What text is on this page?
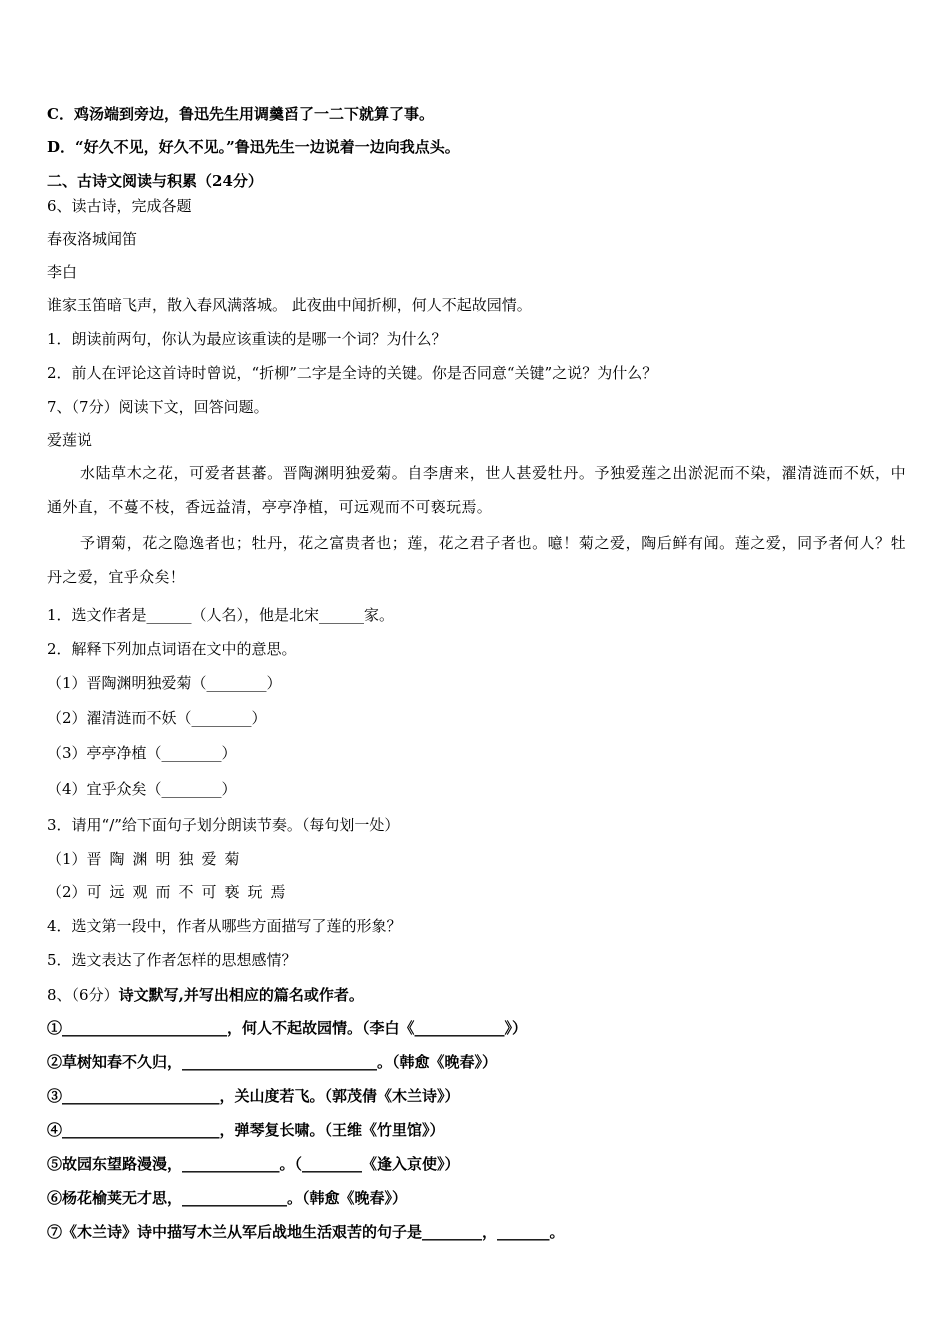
C．鸡汤端到旁边，鲁迅先生用调羹舀了一二下就算了事。
D．“好久不见，好久不见。”鲁迅先生一边说着一边向我点头。
二、古诗文阅读与积累（24分）
6、读古诗，完成各题
春夜洛城闻笛
李白
谁家玉笛暗飞声，散入春风满落城。 此夜曲中闻折柳，何人不起故园情。
1．朗读前两句，你认为最应该重读的是哪一个词？为什么？
2．前人在评论这首诗时曾说，“折柳”二字是全诗的关键。你是否同意“关键”之说？为什么？
7、（7分）阅读下文，回答问题。
爱莲说
水陆草木之花，可爱者甚蕃。晋陶渊明独爱菊。自李唐来，世人甚爱牡丹。予独爱莲之出淤泥而不染，濯清涟而不妖，中通外直，不蔓不枝，香远益清，亭亭净植，可远观而不可亵玩焉。
予谓菊，花之隐逸者也；牡丹，花之富贵者也；莲，花之君子者也。噫！菊之爱，陶后鲜有闻。莲之爱，同予者何人？牡丹之爱，宜乎众矣！
1．选文作者是______（人名），他是北宋______家。
2．解释下列加点词语在文中的意思。
（1）晋陶渊明独爱菊（________）
（2）濯清涟而不妖（________）
（3）亭亭净植（________）
（4）宜乎众矣（________）
3．请用“/”给下面句子划分朗读节奏。（每句划一处）
（1）晋陶渊明独爱菊
（2）可远观而不可亵玩焉
4．选文第一段中，作者从哪些方面描写了莲的形象？
5．选文表达了作者怎样的思想感情？
8、（6分）诗文默写,并写出相应的篇名或作者。
①______________________，何人不起故园情。（李白《____________》）
②草树知春不久归，__________________________。（韩愈《晚春》）
③_____________________，关山度若飞。（郭茂倩《木兰诗》）
④_____________________，弹琴复长啸。（王维《竹里馆》）
⑤故园东望路漫漫，_____________。（________《逢入京使》）
⑥杨花榆荚无才思，______________。（韩愈《晚春》）
⑦《木兰诗》诗中描写木兰从军后战地生活艰苦的句子是________，_______。
